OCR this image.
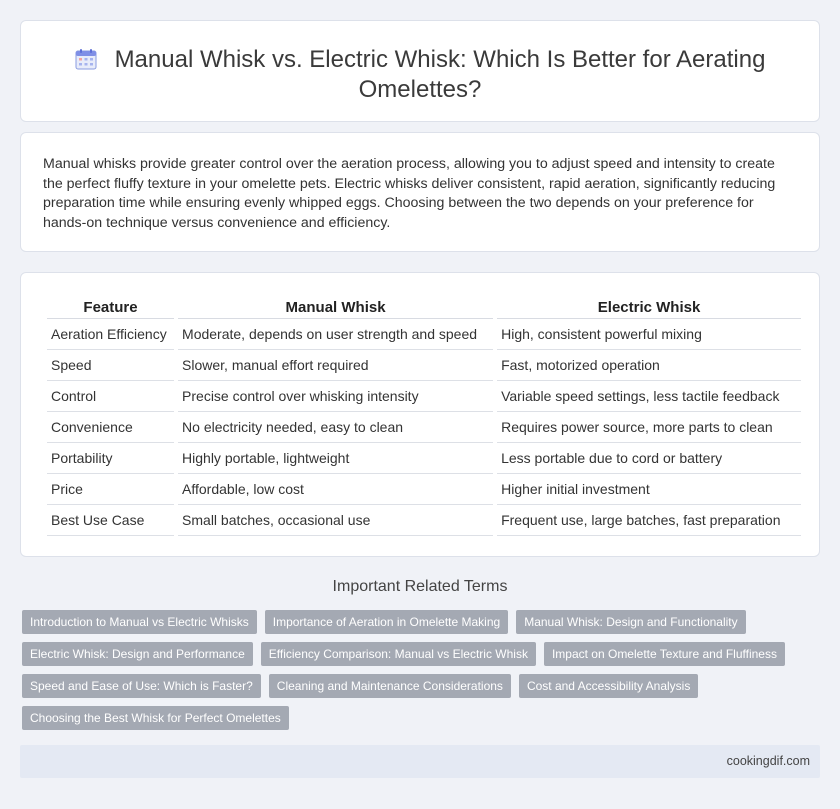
Manual Whisk vs. Electric Whisk: Which Is Better for Aerating Omelettes?

Manual whisks provide greater control over the aeration process, allowing you to adjust speed and intensity to create the perfect fluffy texture in your omelette pets. Electric whisks deliver consistent, rapid aeration, significantly reducing preparation time while ensuring evenly whipped eggs. Choosing between the two depends on your preference for hands-on technique versus convenience and efficiency.

Feature	Manual Whisk	Electric Whisk
Aeration Efficiency	Moderate, depends on user strength and speed	High, consistent powerful mixing
Speed	Slower, manual effort required	Fast, motorized operation
Control	Precise control over whisking intensity	Variable speed settings, less tactile feedback
Convenience	No electricity needed, easy to clean	Requires power source, more parts to clean
Portability	Highly portable, lightweight	Less portable due to cord or battery
Price	Affordable, low cost	Higher initial investment
Best Use Case	Small batches, occasional use	Frequent use, large batches, fast preparation
Important Related Terms
Introduction to Manual vs Electric Whisks	Importance of Aeration in Omelette Making	Manual Whisk: Design and Functionality
Electric Whisk: Design and Performance	Efficiency Comparison: Manual vs Electric Whisk	Impact on Omelette Texture and Fluffiness
Speed and Ease of Use: Which is Faster?	Cleaning and Maintenance Considerations	Cost and Accessibility Analysis
Choosing the Best Whisk for Perfect Omelettes
cookingdif.com
